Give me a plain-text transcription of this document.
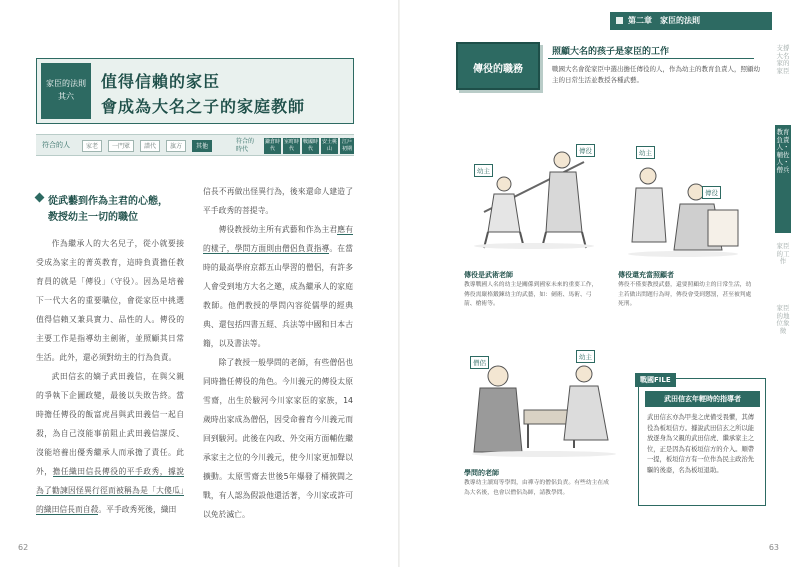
家臣的法則
其六
值得信賴的家臣
會成為大名之子的家庭教師
符合的人	家老	一門眾	譜代	旗方	其他
符合的時代
鎌倉時代
室町時代
戰國時代
安土桃山
江戶初期
從武藝到作為主君的心態，
教授幼主一切的職位

作為繼承人的大名兒子，從小就要接受成為家主的菁英教育，這時負責擔任教育員的就是「傳役」（守役）。因為是培養下一代大名的重要職位，會從家臣中挑選值得信賴又兼具實力、品性的人。傳役的主要工作是指導幼主劍術，並照顧其日常生活。此外，還必須對幼主的行為負責。

武田信玄的嫡子武田義信，在與父親的爭執下企圖政變，最後以失敗告終。當時擔任傳役的飯富虎昌與武田義信一起自殺，為自己沒能事前阻止武田義信謀反、沒能培養出優秀繼承人而承擔了責任。此外，擔任織田信長傳役的平手政秀，據說為了勸諫因怪異行徑而被稱為是「大傻瓜」的織田信長而自殺。平手政秀死後，織田

信長不再做出怪異行為，後來還命人建造了平手政秀的菩提寺。

傳役教授幼主所有武藝和作為主君應有的樣子，學問方面則由僧侶負責指導。在當時的最高學府京都五山學習的僧侶，有許多人會受到地方大名之邀，成為繼承人的家庭教師。他們教授的學問內容從儒學的經典典、還包括四書五經、兵法等中國和日本古籍，以及書法等。

除了教授一般學問的老師，有些僧侶也同時擔任傳役的角色。今川義元的傳役太原雪齋，出生於駿河今川家家臣的家族，14歲時出家成為僧侶，因受命養育今川義元而回到駿河。此後在內政、外交兩方面輔佐繼承家主之位的今川義元，使今川家更加聲以擴動。太原雪齋去世後5年爆發了桶狹間之戰，有人認為假設他還活著，今川家或許可以免於滅亡。

62
第二章　家臣的法則
支撐大名家的家臣
教育負責人・輔佐人・僧兵
家臣的工作
家臣的地位象徵
傳役的職務
照顧大名的孩子是家臣的工作
戰國大名會從家臣中選出擔任傳役的人，作為幼主的教育負責人，照顧幼主的日常生活並教授各種武藝。
幼主
傳役
傳役是武術老師
教導戰國人名的幼主是關係到國家未來的重要工作，傳役需嚴格鍛鍊幼主的武藝，如：劍術、馬術、弓箭、槍術等。
幼主
傳役
傳役還充當照顧者
傳役不僅要教授武藝，還要照顧幼主的日常生活，幼主若做出問題行為時，傳役會受到懲罰，甚至被判處死刑。
僧侶
幼主
學問的老師
教導幼主讀寫等學問，由禪寺的僧侶負責。有些幼主在成為大名後，也會以僧侶為師，請教學問。
戰國FILE
武田信玄年輕時的指導者
武田信玄亦為甲斐之虎備受畏懼，其傳役為板垣信方。據說武田信玄之所以能放逐身為父親的武田信虎、繼承家主之位，正是因為有板垣信方的介入。順帶一提，板垣信方有一位作為民主政治先驅的後裔，名為板垣退助。
63
